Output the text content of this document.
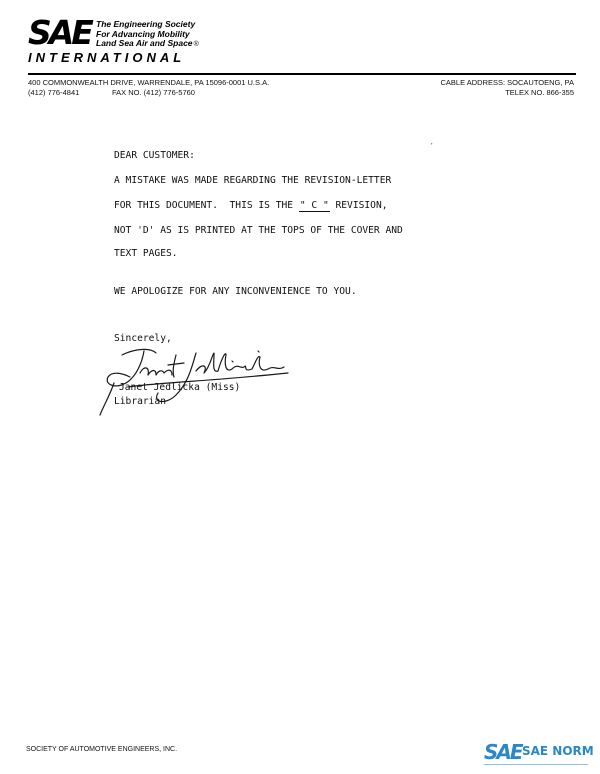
SAE The Engineering Society
For Advancing Mobility
Land Sea Air and Space®
INTERNATIONAL
400 COMMONWEALTH DRIVE, WARRENDALE, PA 15096-0001 U.S.A.
(412) 776-4841	FAX NO. (412) 776-5760
CABLE ADDRESS: SOCAUTOENG, PA
TELEX NO. 866-355
ˊ
DEAR CUSTOMER:
A MISTAKE WAS MADE REGARDING THE REVISION-LETTER
FOR THIS DOCUMENT.  THIS IS THE " C " REVISION,
NOT 'D' AS IS PRINTED AT THE TOPS OF THE COVER AND
TEXT PAGES.
WE APOLOGIZE FOR ANY INCONVENIENCE TO YOU.
Sincerely,
Janet Jedlicka (Miss)
Librarian
SOCIETY OF AUTOMOTIVE ENGINEERS, INC.	SAE SAE NORM
